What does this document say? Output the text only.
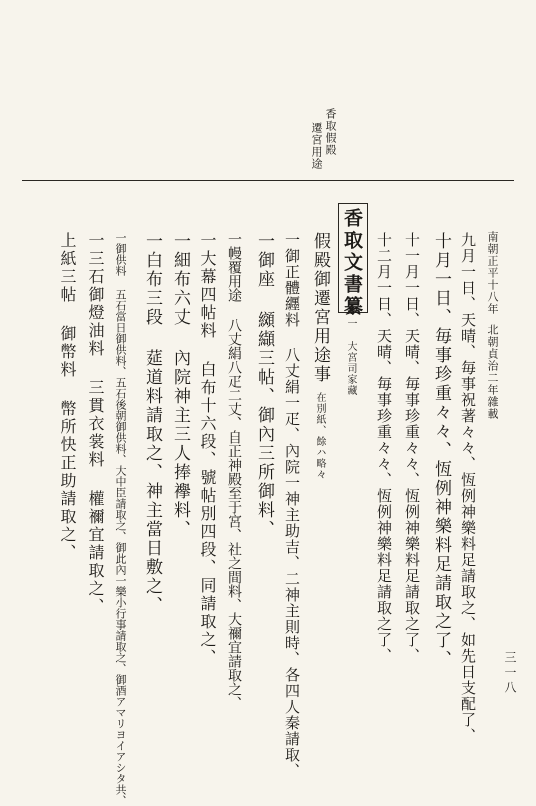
香取假殿
遷宮用途
南朝正平十八年
北朝貞治二年雜載
三一八
九月一日、天晴、毎事祝著々々、恆例神樂料足請取之、如先日支配了、
十月一日、毎事珍重々々、恆例神樂料足請取之了、
十一月一日、天晴、毎事珍重々々、恆例神樂料足請取之了、
十二月一日、天晴、毎事珍重々々、恆例神樂料足請取之了、
香取文書纂
一 大宮司家藏
假殿御遷宮用途事
在別紙、餘ハ略々
一御正體纒料 八丈絹一疋、內院一神主助吉、二神主則時、各四人秦請取、
一御座 纐纈三帖、御內三所御料、
一幔覆用途 八丈絹八疋二丈、自正神殿至于宮、社之間料、大禰宜請取之、
一大幕四帖料 白布十六段、號帖別四段、同請取之、
一細布六丈 內院神主三人捧襷料、
一白布三段 莚道料請取之、神主當日敷之、
一御供料 五石當日御供料、五石後朝御供料、大中臣請取之、御此內一樂小行事請取之、御酒アマリヨイアシタ共、
一三石御燈油料 三貫衣裳料 權禰宜請取之、
上紙三帖 御幣料 幣所快正助請取之、
